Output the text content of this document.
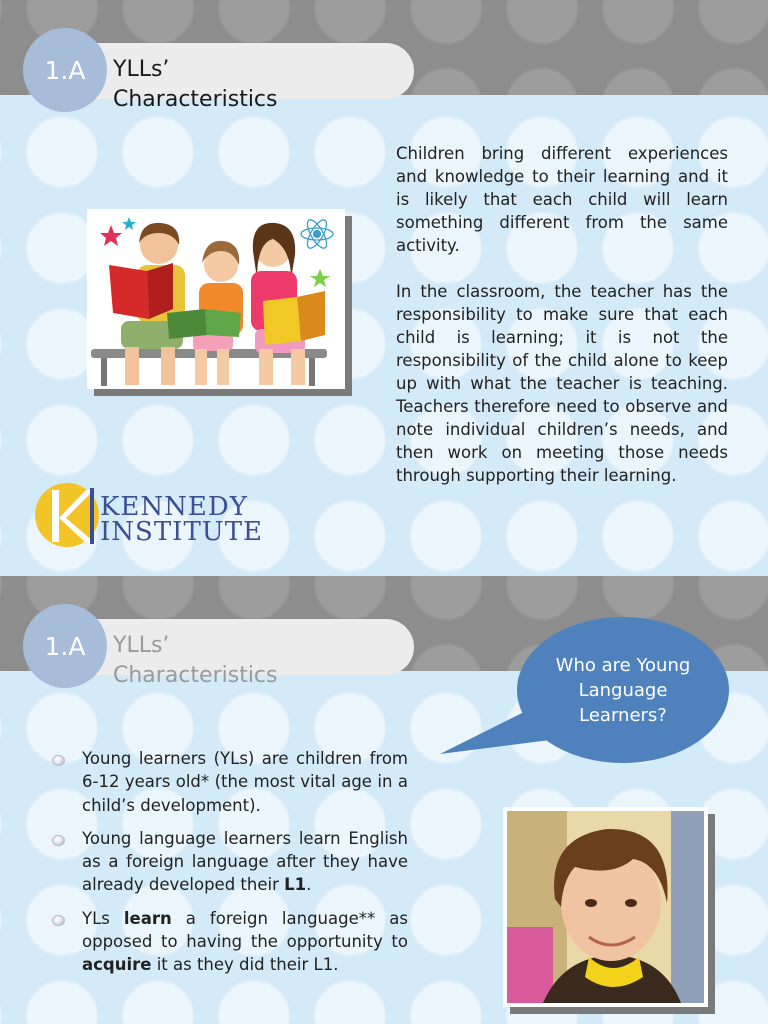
1.A	YLLs’
Characteristics

Children bring different experiences and knowledge to their learning and it is likely that each child will learn something different from the same activity.

In the classroom, the teacher has the responsibility to make sure that each child is learning; it is not the responsibility of the child alone to keep up with what the teacher is teaching. Teachers therefore need to observe and note individual children’s needs, and then work on meeting those needs through supporting their learning.

KENNEDY
INSTITUTE
1.A	YLLs’
Characteristics	Who are Young Language Learners?
Young learners (YLs) are children from 6-12 years old* (the most vital age in a child’s development).
Young language learners learn English as a foreign language after they have already developed their L1.
YLs learn a foreign language** as opposed to having the opportunity to acquire it as they did their L1.
